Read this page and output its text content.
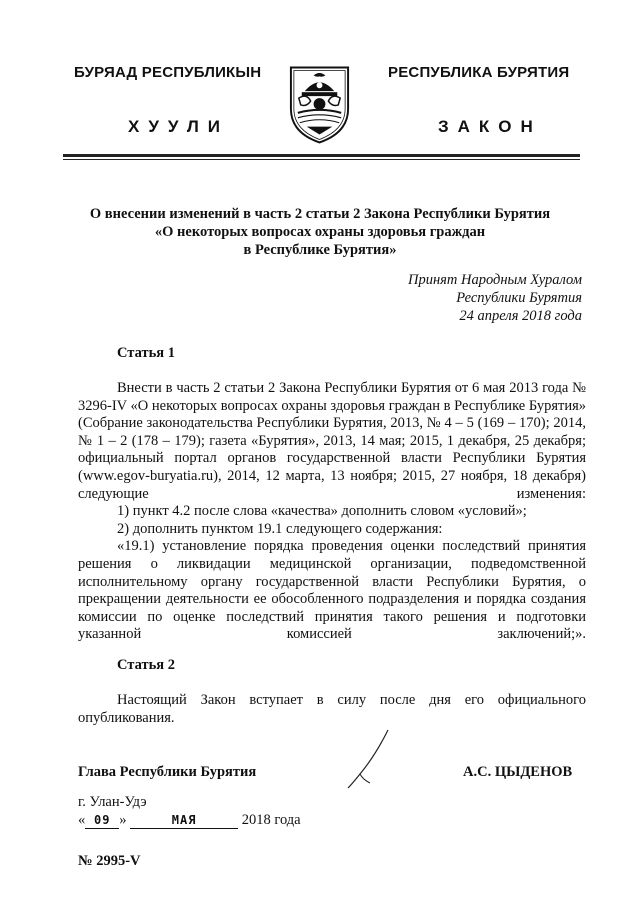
БУРЯАД РЕСПУБЛИКЫН	РЕСПУБЛИКА БУРЯТИЯ
ХУУЛИ	ЗАКОН
О внесении изменений в часть 2 статьи 2 Закона Республики Бурятия
«О некоторых вопросах охраны здоровья граждан
в Республике Бурятия»
Принят Народным Хуралом
Республики Бурятия
24 апреля 2018 года
Статья 1

Внести в часть 2 статьи 2 Закона Республики Бурятия от 6 мая 2013 года № 3296-IV «О некоторых вопросах охраны здоровья граждан в Республике Бурятия» (Собрание законодательства Республики Бурятия, 2013, № 4 – 5 (169 – 170); 2014, № 1 – 2 (178 – 179); газета «Бурятия», 2013, 14 мая; 2015, 1 декабря, 25 декабря; официальный портал органов государственной власти Республики Бурятия (www.egov-buryatia.ru), 2014, 12 марта, 13 ноября; 2015, 27 ноября, 18 декабря) следующие изменения:

1) пункт 4.2 после слова «качества» дополнить словом «условий»;

2) дополнить пунктом 19.1 следующего содержания:

«19.1) установление порядка проведения оценки последствий принятия решения о ликвидации медицинской организации, подведомственной исполнительному органу государственной власти Республики Бурятия, о прекращении деятельности ее обособленного подразделения и порядка создания комиссии по оценке последствий принятия такого решения и подготовки указанной комиссией заключений;».

Статья 2

Настоящий Закон вступает в силу после дня его официального опубликования.

Глава Республики Бурятия	А.С. ЦЫДЕНОВ
г. Улан-Удэ
« 09 »	МАЯ	2018 года
№ 2995-V
